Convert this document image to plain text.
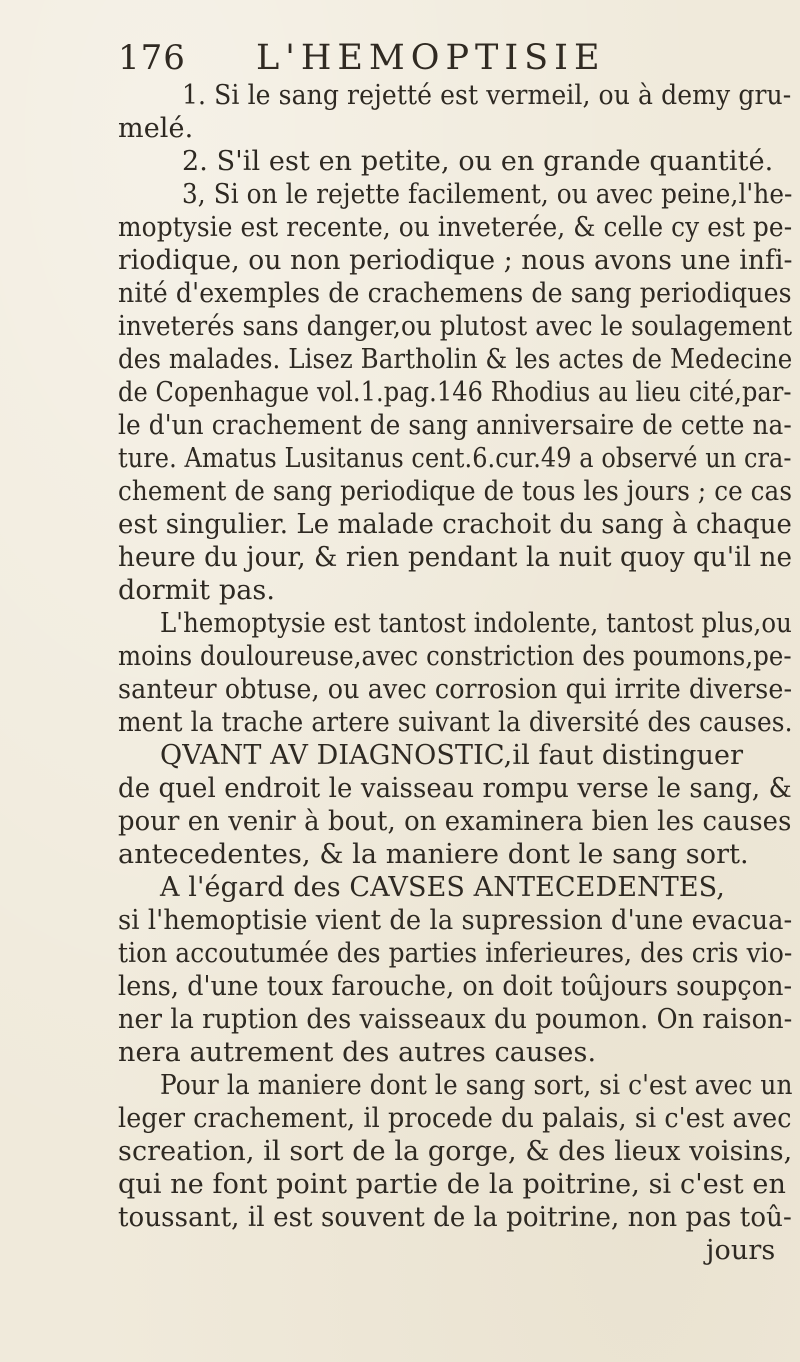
176 L'HEMOPTISIE
1. Si le sang rejetté est vermeil, ou à demy gru-
melé.
2. S'il est en petite, ou en grande quantité.
3, Si on le rejette facilement, ou avec peine,l'he-
moptysie est recente, ou inveterée, & celle cy est pe-
riodique, ou non periodique ; nous avons une infi-
nité d'exemples de crachemens de sang periodiques
inveterés sans danger,ou plutost avec le soulagement
des malades. Lisez Bartholin & les actes de Medecine
de Copenhague vol.1.pag.146 Rhodius au lieu cité,par-
le d'un crachement de sang anniversaire de cette na-
ture. Amatus Lusitanus cent.6.cur.49 a observé un cra-
chement de sang periodique de tous les jours ; ce cas
est singulier. Le malade crachoit du sang à chaque
heure du jour, & rien pendant la nuit quoy qu'il ne
dormit pas.
L'hemoptysie est tantost indolente, tantost plus,ou
moins douloureuse,avec constriction des poumons,pe-
santeur obtuse, ou avec corrosion qui irrite diverse-
ment la trache artere suivant la diversité des causes.
QVANT AV DIAGNOSTIC,il faut distinguer
de quel endroit le vaisseau rompu verse le sang, &
pour en venir à bout, on examinera bien les causes
antecedentes, & la maniere dont le sang sort.
A l'égard des CAVSES ANTECEDENTES,
si l'hemoptisie vient de la supression d'une evacua-
tion accoutumée des parties inferieures, des cris vio-
lens, d'une toux farouche, on doit toûjours soupçon-
ner la ruption des vaisseaux du poumon. On raison-
nera autrement des autres causes.
Pour la maniere dont le sang sort, si c'est avec un
leger crachement, il procede du palais, si c'est avec
screation, il sort de la gorge, & des lieux voisins,
qui ne font point partie de la poitrine, si c'est en
toussant, il est souvent de la poitrine, non pas toû-
jours
